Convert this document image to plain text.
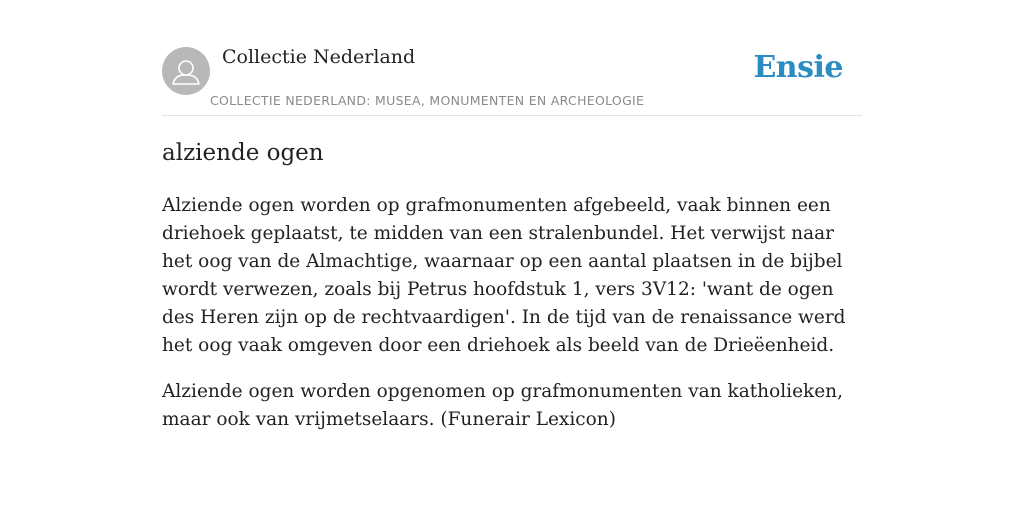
Collectie Nederland
COLLECTIE NEDERLAND: MUSEA, MONUMENTEN EN ARCHEOLOGIE
Ensie
alziende ogen

Alziende ogen worden op grafmonumenten afgebeeld, vaak binnen een driehoek geplaatst, te midden van een stralenbundel. Het verwijst naar het oog van de Almachtige, waarnaar op een aantal plaatsen in de bijbel wordt verwezen, zoals bij Petrus hoofdstuk 1, vers 3V12: 'want de ogen des Heren zijn op de rechtvaardigen'. In de tijd van de renaissance werd het oog vaak omgeven door een driehoek als beeld van de Drieëenheid.

Alziende ogen worden opgenomen op grafmonumenten van katholieken, maar ook van vrijmetselaars. (Funerair Lexicon)
